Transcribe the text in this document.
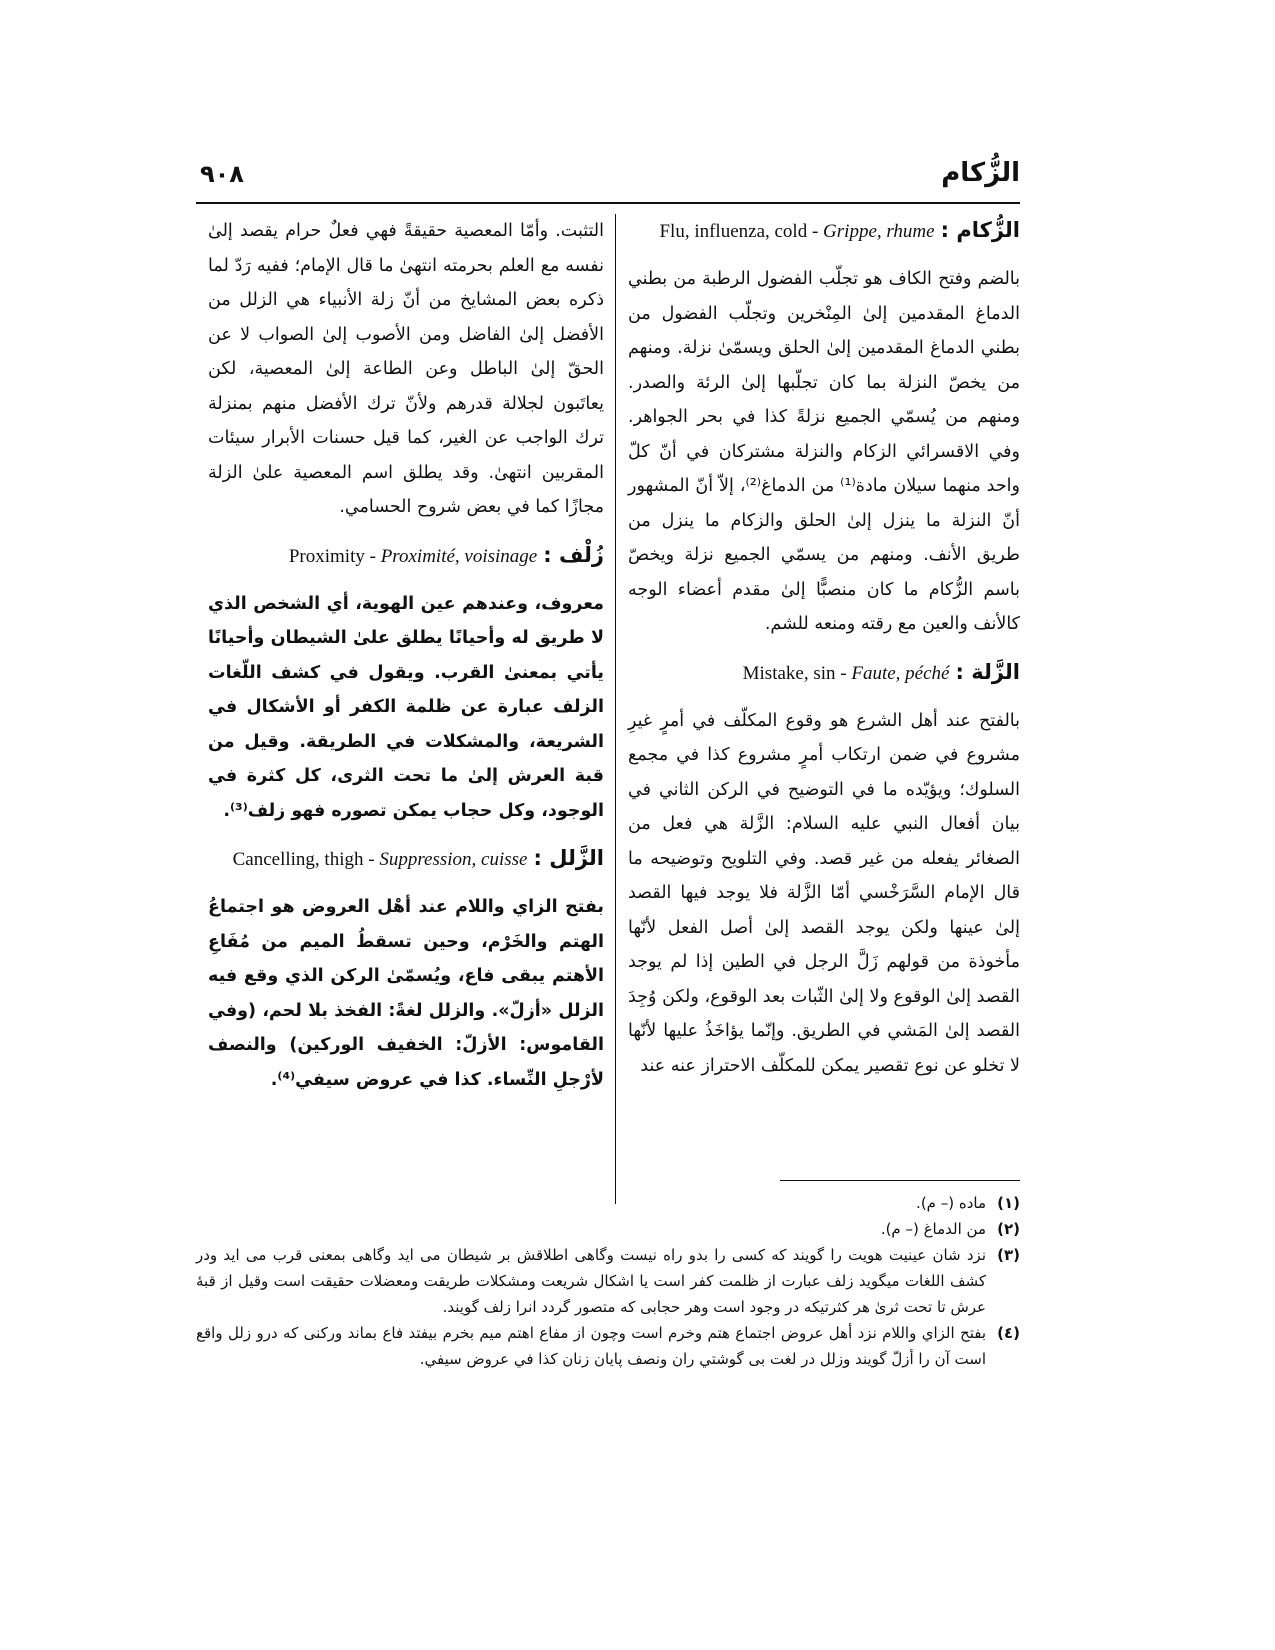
الزُّكام
٩٠٨
Flu, influenza, cold - Grippe, rhume الزُّكام :

بالضم وفتح الكاف هو تجلّب الفضول الرطبة من بطني الدماغ المقدمين إلىٰ المِنْخرين وتجلّب الفضول من بطني الدماغ المقدمين إلىٰ الحلق ويسمّىٰ نزلة. ومنهم من يخصّ النزلة بما كان تجلّبها إلىٰ الرئة والصدر. ومنهم من يُسمّي الجميع نزلةً كذا في بحر الجواهر. وفي الاقسرائي الزكام والنزلة مشتركان في أنّ كلّ واحد منهما سيلان مادة⁽¹⁾ من الدماغ⁽²⁾، إلاّ أنّ المشهور أنّ النزلة ما ينزل إلىٰ الحلق والزكام ما ينزل من طريق الأنف. ومنهم من يسمّي الجميع نزلة ويخصّ باسم الزُّكام ما كان منصبًّا إلىٰ مقدم أعضاء الوجه كالأنف والعين مع رقته ومنعه للشم.

Mistake, sin - Faute, péché الزَّلة :

بالفتح عند أهل الشرع هو وقوع المكلّف في أمرٍ غيرِ مشروع في ضمن ارتكاب أمرٍ مشروع كذا في مجمع السلوك؛ ويؤيّده ما في التوضيح في الركن الثاني في بيان أفعال النبي عليه السلام: الزَّلة هي فعل من الصغائر يفعله من غير قصد. وفي التلويح وتوضيحه ما قال الإمام السَّرَخْسي أمّا الزَّلة فلا يوجد فيها القصد إلىٰ عينها ولكن يوجد القصد إلىٰ أصل الفعل لأنّها مأخوذة من قولهم زَلَّ الرجل في الطين إذا لم يوجد القصد إلىٰ الوقوع ولا إلىٰ الثّبات بعد الوقوع، ولكن وُجِدَ القصد إلىٰ المَشي في الطريق. وإنّما يؤاخَذُ عليها لأنّها لا تخلو عن نوع تقصير يمكن للمكلّف الاحتراز عنه عند

التثبت. وأمّا المعصية حقيقةً فهي فعلٌ حرام يقصد إلىٰ نفسه مع العلم بحرمته انتهىٰ ما قال الإمام؛ ففيه رَدّ لما ذكره بعض المشايخ من أنّ زلة الأنبياء هي الزلل من الأفضل إلىٰ الفاضل ومن الأصوب إلىٰ الصواب لا عن الحقّ إلىٰ الباطل وعن الطاعة إلىٰ المعصية، لكن يعاتَبون لجلالة قدرهم ولأنّ ترك الأفضل منهم بمنزلة ترك الواجب عن الغير، كما قيل حسنات الأبرار سيئات المقربين انتهىٰ. وقد يطلق اسم المعصية علىٰ الزلة مجازًا كما في بعض شروح الحسامي.

Proximity - Proximité, voisinage زُلْف :

معروف، وعندهم عين الهوية، أي الشخص الذي لا طريق له وأحيانًا يطلق علىٰ الشيطان وأحيانًا يأتي بمعنىٰ القرب. ويقول في كشف اللّغات الزلف عبارة عن ظلمة الكفر أو الأشكال في الشريعة، والمشكلات في الطريقة. وقيل من قبة العرش إلىٰ ما تحت الثرى، كل كثرة في الوجود، وكل حجاب يمكن تصوره فهو زلف⁽³⁾.

Cancelling, thigh - Suppression, cuisse الزَّلل :

بفتح الزاي واللام عند أهْل العروض هو اجتماعُ الهتم والخَرْم، وحين تسقطُ الميم من مُفَاعِ الأهتم يبقى فاع، ويُسمّىٰ الركن الذي وقع فيه الزلل «أزلّ». والزلل لغةً: الفخذ بلا لحم، (وفي القاموس: الأزلّ: الخفيف الوركين) والنصف لأرْجلِ النِّساء. كذا في عروض سيفي⁽⁴⁾.

(١)
ماده (– م).
(٢)
من الدماغ (– م).
(٣)
نزد شان عينيت هويت را گويند كه كسى را بدو راه نيست وگاهى اطلاقش بر شيطان مى ايد وگاهى بمعنى قرب مى ايد ودر كشف اللغات ميگويد زلف عبارت از ظلمت كفر است يا اشكال شريعت ومشكلات طريقت ومعضلات حقيقت است وقيل از قبهٔ عرش تا تحت ثرىٰ هر كثرتيكه در وجود است وهر حجابى كه متصور گردد انرا زلف گويند.
(٤)
بفتح الزاي واللام نزد أهل عروض اجتماع هتم وخرم است وچون از مفاع اهتم ميم بخرم بيفتد فاع بماند وركنى كه درو زلل واقع است آن را أزلّ گويند وزلل در لغت بى گوشتي ران ونصف پايان زنان كذا في عروض سيفي.
